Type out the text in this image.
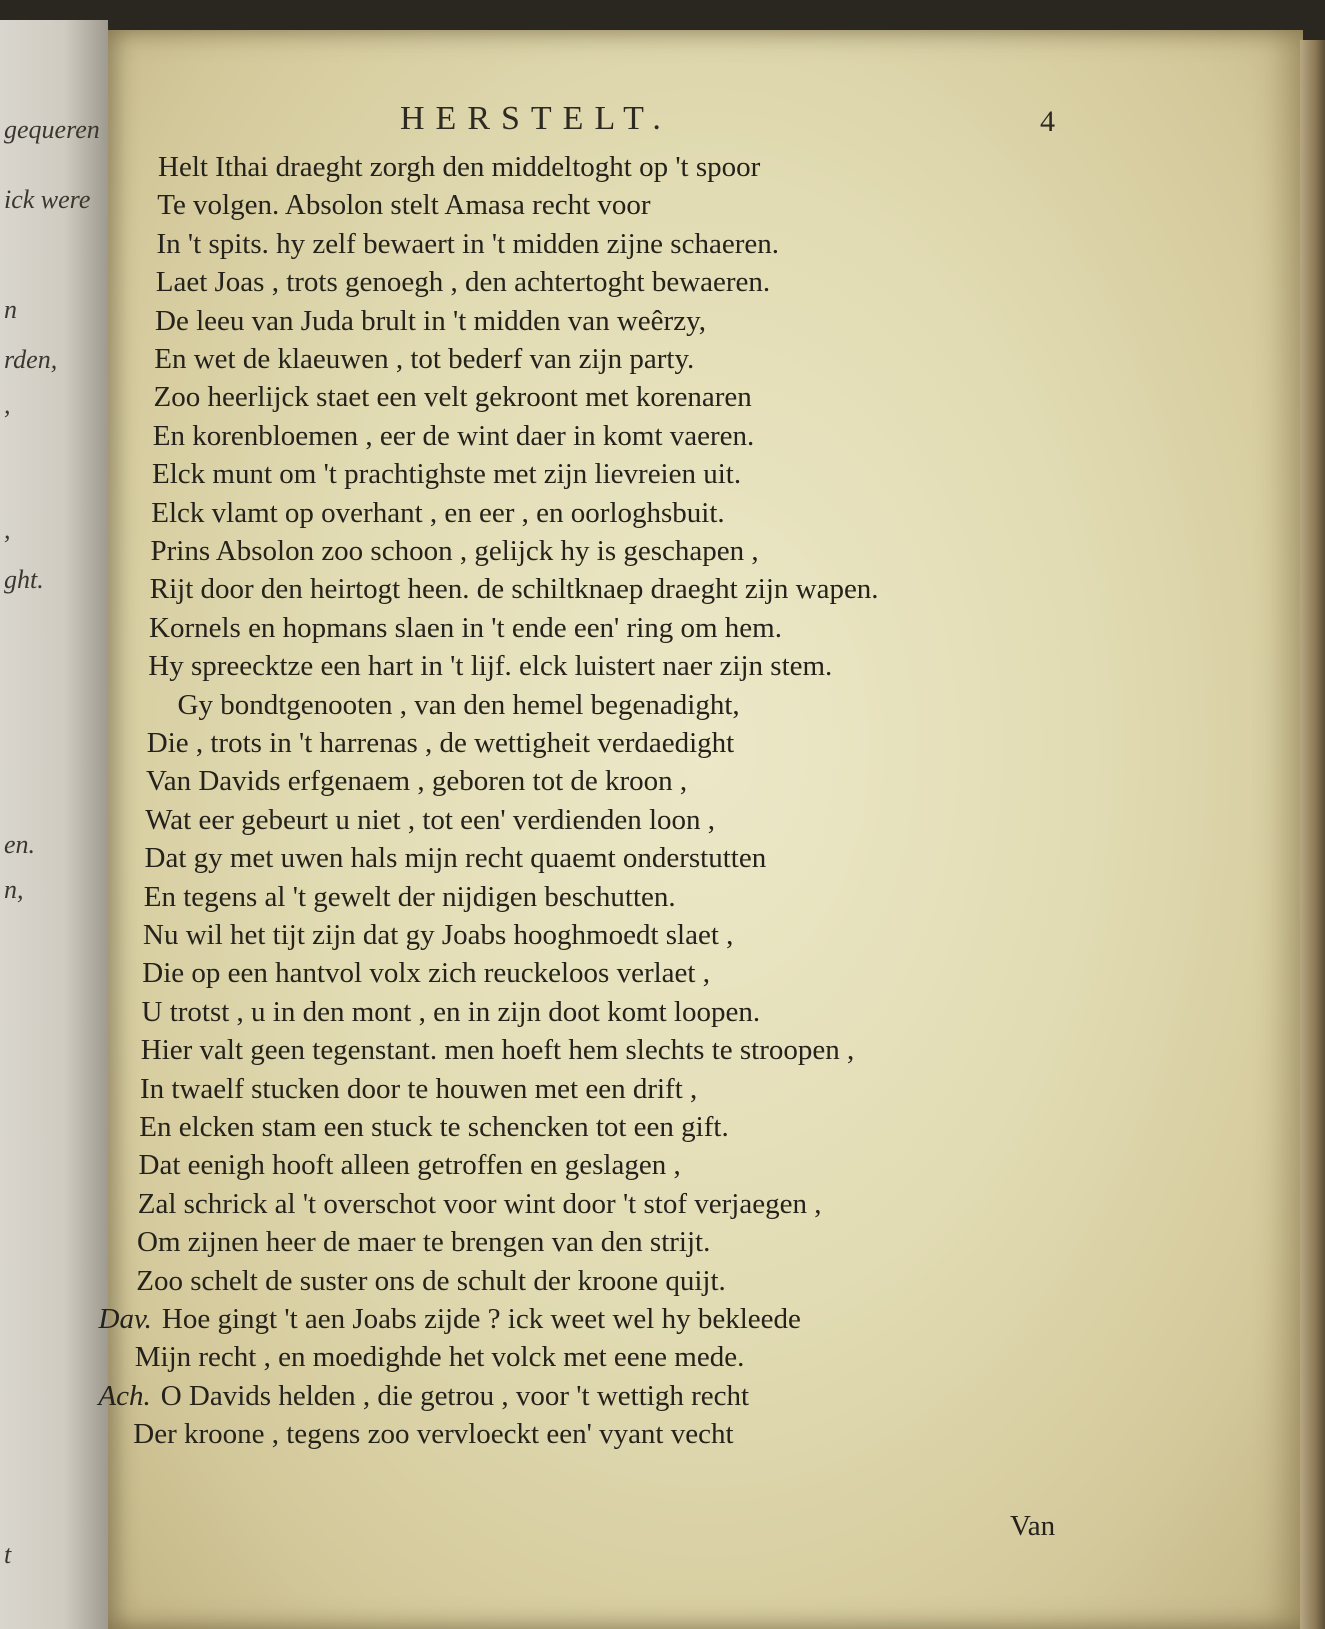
gequeren
ick were
n
rden,
,
,
ght.
en.
n,
t
HERSTELT.	4
Helt Ithai draeght zorgh den middeltoght op 't spoor
Te volgen. Absolon stelt Amasa recht voor
In 't spits. hy zelf bewaert in 't midden zijne schaeren.
Laet Joas , trots genoegh , den achtertoght bewaeren.
De leeu van Juda brult in 't midden van weêrzy,
En wet de klaeuwen , tot bederf van zijn party.
Zoo heerlijck staet een velt gekroont met korenaren
En korenbloemen , eer de wint daer in komt vaeren.
Elck munt om 't prachtighste met zijn lievreien uit.
Elck vlamt op overhant , en eer , en oorloghsbuit.
Prins Absolon zoo schoon , gelijck hy is geschapen ,
Rijt door den heirtogt heen. de schiltknaep draeght zijn wapen.
Kornels en hopmans slaen in 't ende een' ring om hem.
Hy spreecktze een hart in 't lijf. elck luistert naer zijn stem.
Gy bondtgenooten , van den hemel begenadight,
Die , trots in 't harrenas , de wettigheit verdaedight
Van Davids erfgenaem , geboren tot de kroon ,
Wat eer gebeurt u niet , tot een' verdienden loon ,
Dat gy met uwen hals mijn recht quaemt onderstutten
En tegens al 't gewelt der nijdigen beschutten.
Nu wil het tijt zijn dat gy Joabs hooghmoedt slaet ,
Die op een hantvol volx zich reuckeloos verlaet ,
U trotst , u in den mont , en in zijn doot komt loopen.
Hier valt geen tegenstant. men hoeft hem slechts te stroopen ,
In twaelf stucken door te houwen met een drift ,
En elcken stam een stuck te schencken tot een gift.
Dat eenigh hooft alleen getroffen en geslagen ,
Zal schrick al 't overschot voor wint door 't stof verjaegen ,
Om zijnen heer de maer te brengen van den strijt.
Zoo schelt de suster ons de schult der kroone quijt.
Dav. Hoe gingt 't aen Joabs zijde ? ick weet wel hy bekleede
Mijn recht , en moedighde het volck met eene mede.
Ach. O Davids helden , die getrou , voor 't wettigh recht
Der kroone , tegens zoo vervloeckt een' vyant vecht
Van
